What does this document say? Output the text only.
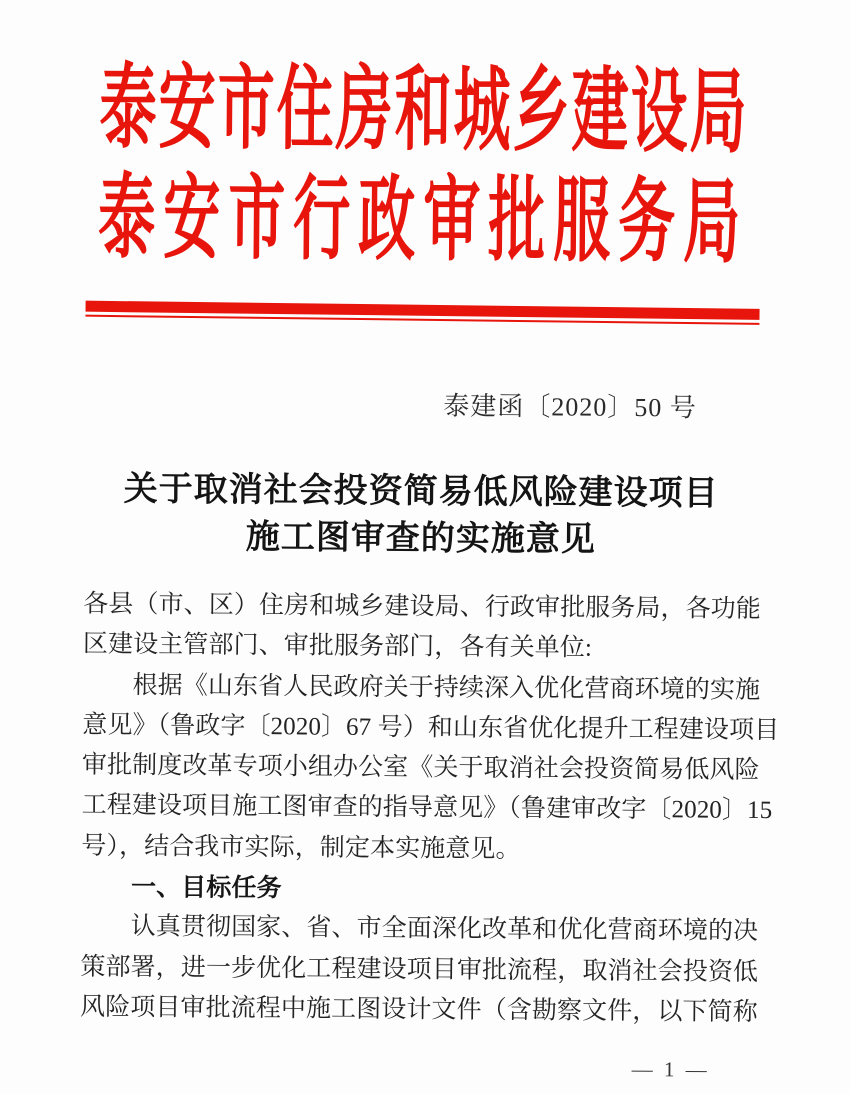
泰安市住房和城乡建设局
泰安市行政审批服务局
泰建函〔2020〕50 号
关于取消社会投资简易低风险建设项目
施工图审查的实施意见
各县（市、区）住房和城乡建设局、行政审批服务局，各功能
区建设主管部门、审批服务部门，各有关单位:
根据《山东省人民政府关于持续深入优化营商环境的实施
意见》（鲁政字〔2020〕67 号）和山东省优化提升工程建设项目
审批制度改革专项小组办公室《关于取消社会投资简易低风险
工程建设项目施工图审查的指导意见》（鲁建审改字〔2020〕15
号），结合我市实际，制定本实施意见。
一、目标任务
认真贯彻国家、省、市全面深化改革和优化营商环境的决
策部署，进一步优化工程建设项目审批流程，取消社会投资低
风险项目审批流程中施工图设计文件（含勘察文件，以下简称
— 1 —
